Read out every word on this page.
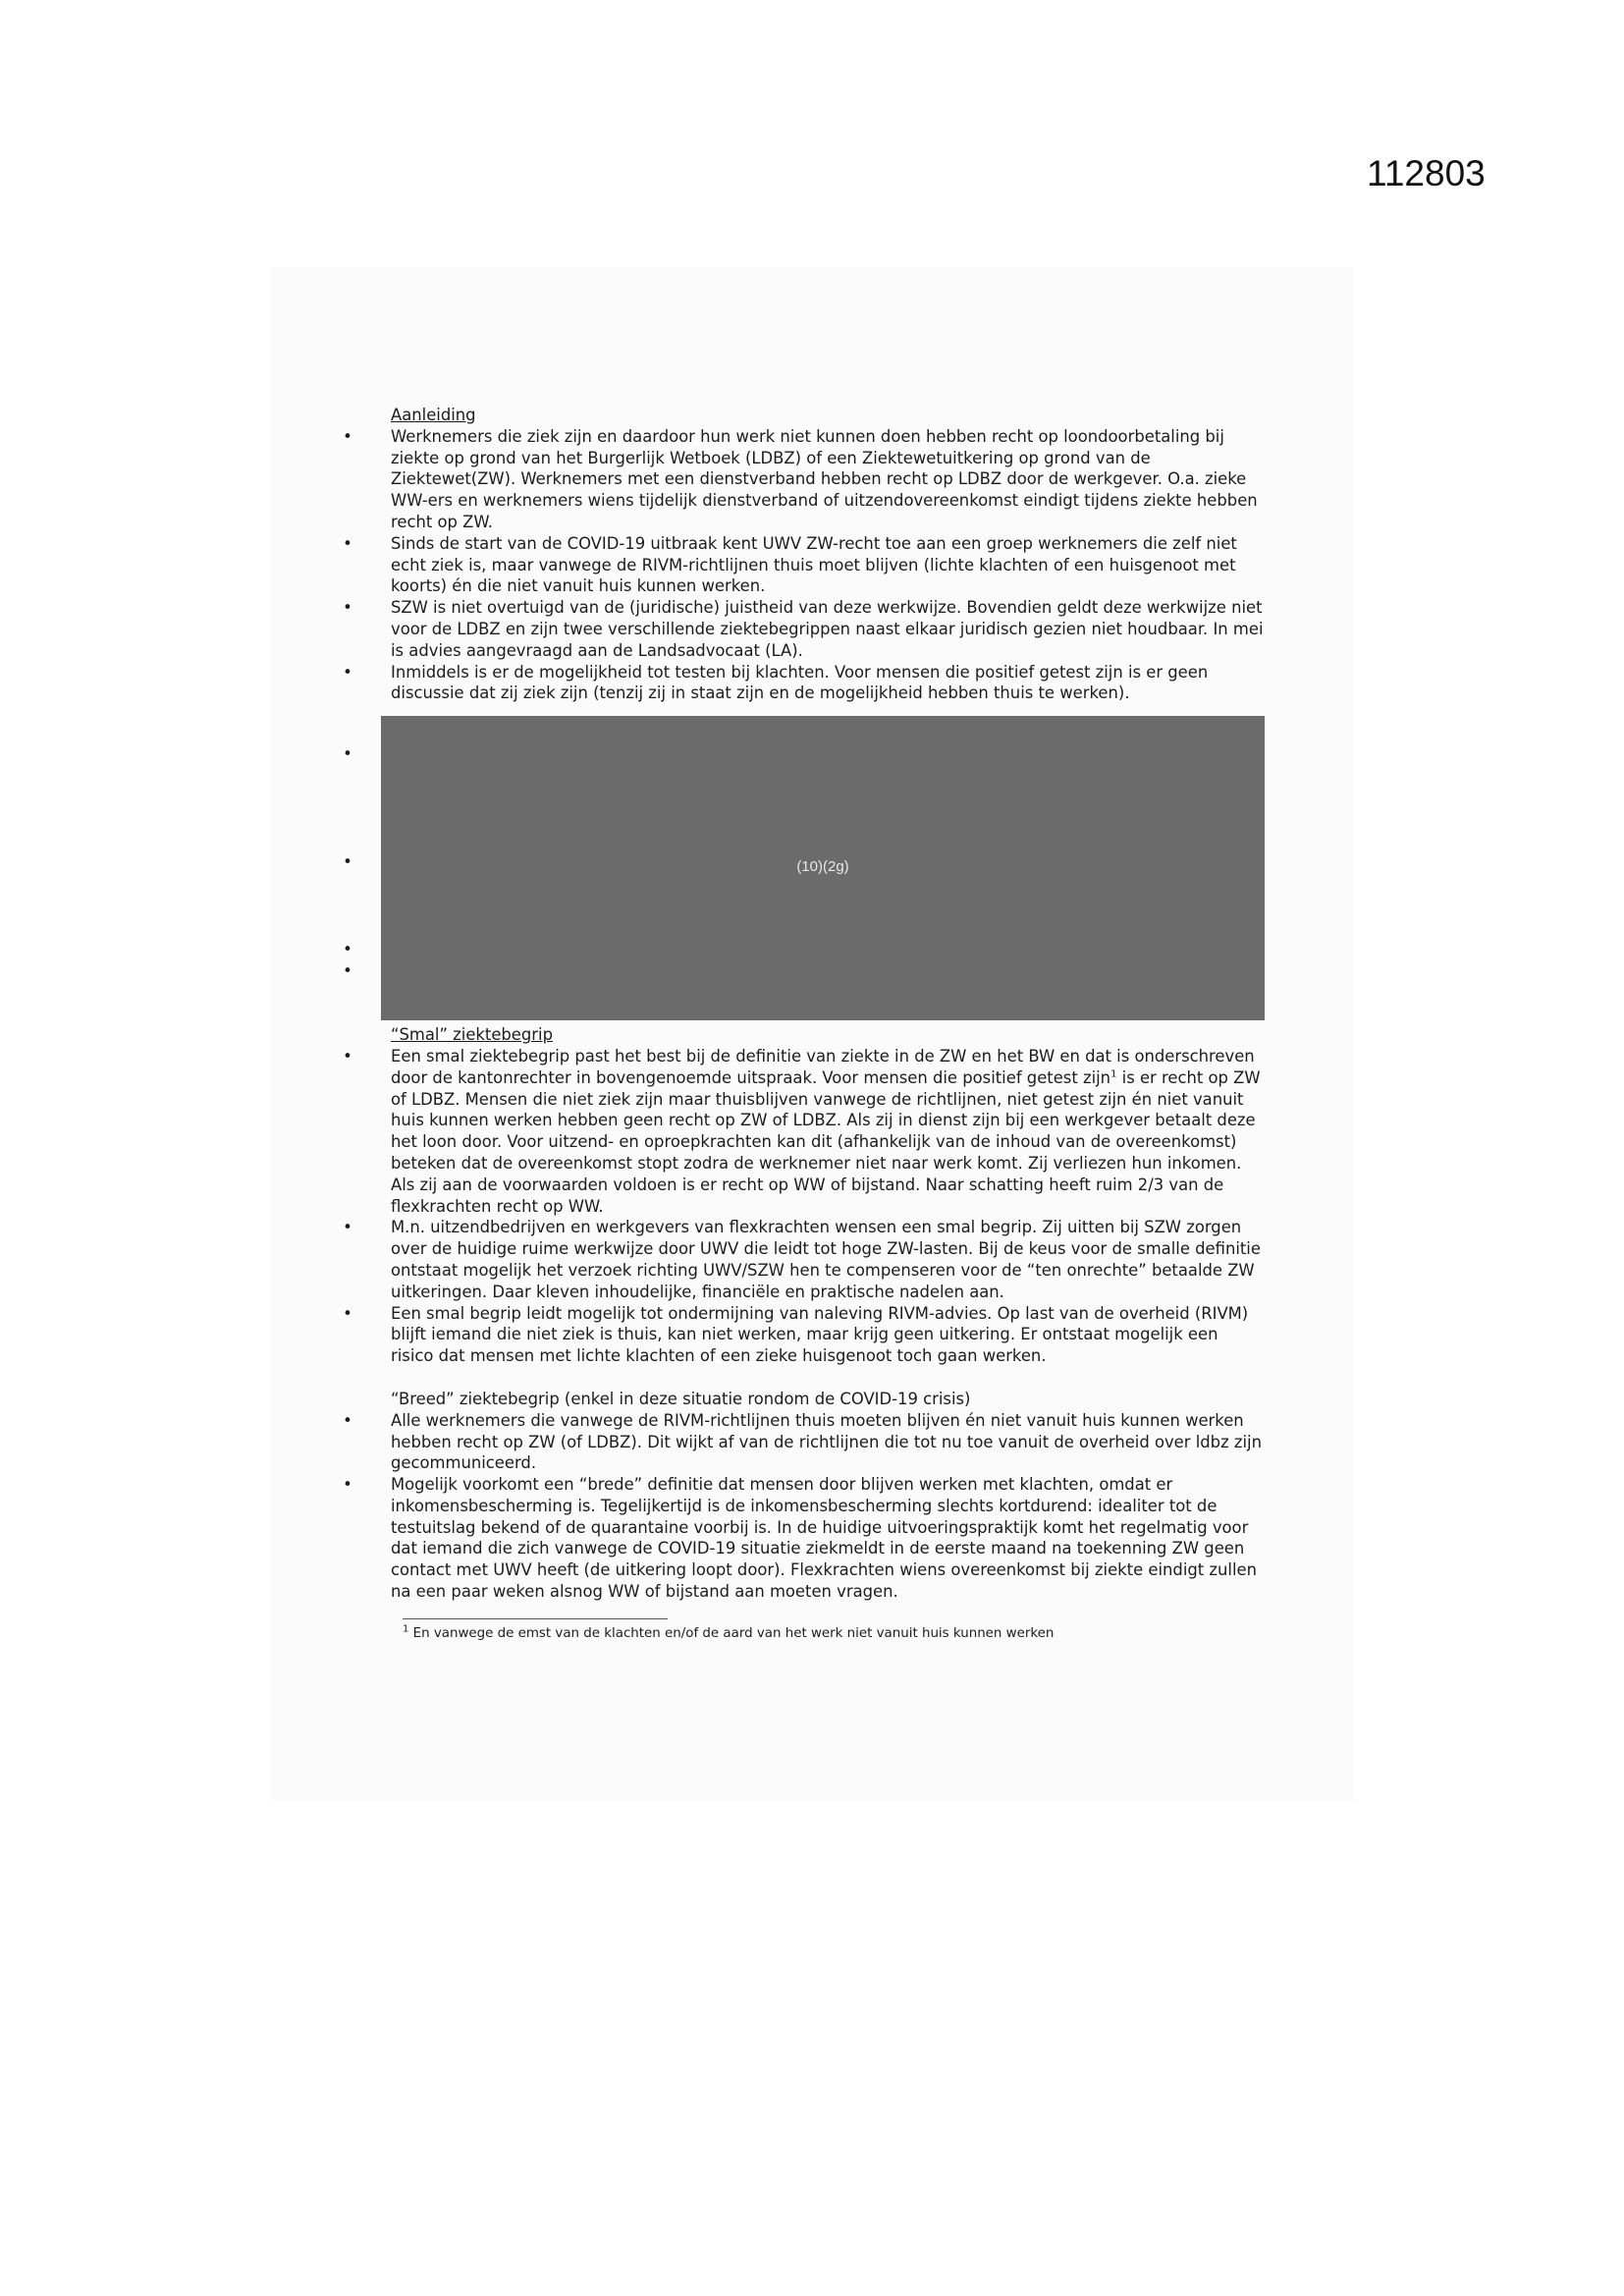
112803
Aanleiding
• Werknemers die ziek zijn en daardoor hun werk niet kunnen doen hebben recht op loondoorbetaling bij ziekte op grond van het Burgerlijk Wetboek (LDBZ) of een Ziektewetuitkering op grond van de Ziektewet(ZW). Werknemers met een dienstverband hebben recht op LDBZ door de werkgever. O.a. zieke WW-ers en werknemers wiens tijdelijk dienstverband of uitzendovereenkomst eindigt tijdens ziekte hebben recht op ZW.
• Sinds de start van de COVID-19 uitbraak kent UWV ZW-recht toe aan een groep werknemers die zelf niet echt ziek is, maar vanwege de RIVM-richtlijnen thuis moet blijven (lichte klachten of een huisgenoot met koorts) én die niet vanuit huis kunnen werken.
• SZW is niet overtuigd van de (juridische) juistheid van deze werkwijze. Bovendien geldt deze werkwijze niet voor de LDBZ en zijn twee verschillende ziektebegrippen naast elkaar juridisch gezien niet houdbaar. In mei is advies aangevraagd aan de Landsadvocaat (LA).
• Inmiddels is er de mogelijkheid tot testen bij klachten. Voor mensen die positief getest zijn is er geen discussie dat zij ziek zijn (tenzij zij in staat zijn en de mogelijkheid hebben thuis te werken).
•
•
•
•
(10)(2g)
“Smal” ziektebegrip
• Een smal ziektebegrip past het best bij de definitie van ziekte in de ZW en het BW en dat is onderschreven door de kantonrechter in bovengenoemde uitspraak. Voor mensen die positief getest zijn$^1$ is er recht op ZW of LDBZ. Mensen die niet ziek zijn maar thuisblijven vanwege de richtlijnen, niet getest zijn én niet vanuit huis kunnen werken hebben geen recht op ZW of LDBZ. Als zij in dienst zijn bij een werkgever betaalt deze het loon door. Voor uitzend- en oproepkrachten kan dit (afhankelijk van de inhoud van de overeenkomst) beteken dat de overeenkomst stopt zodra de werknemer niet naar werk komt. Zij verliezen hun inkomen. Als zij aan de voorwaarden voldoen is er recht op WW of bijstand. Naar schatting heeft ruim 2/3 van de flexkrachten recht op WW.
• M.n. uitzendbedrijven en werkgevers van flexkrachten wensen een smal begrip. Zij uitten bij SZW zorgen over de huidige ruime werkwijze door UWV die leidt tot hoge ZW-lasten. Bij de keus voor de smalle definitie ontstaat mogelijk het verzoek richting UWV/SZW hen te compenseren voor de “ten onrechte” betaalde ZW uitkeringen. Daar kleven inhoudelijke, financiële en praktische nadelen aan.
• Een smal begrip leidt mogelijk tot ondermijning van naleving RIVM-advies. Op last van de overheid (RIVM) blijft iemand die niet ziek is thuis, kan niet werken, maar krijg geen uitkering. Er ontstaat mogelijk een risico dat mensen met lichte klachten of een zieke huisgenoot toch gaan werken.
“Breed” ziektebegrip (enkel in deze situatie rondom de COVID-19 crisis)
• Alle werknemers die vanwege de RIVM-richtlijnen thuis moeten blijven én niet vanuit huis kunnen werken hebben recht op ZW (of LDBZ). Dit wijkt af van de richtlijnen die tot nu toe vanuit de overheid over ldbz zijn gecommuniceerd.
• Mogelijk voorkomt een “brede” definitie dat mensen door blijven werken met klachten, omdat er inkomensbescherming is. Tegelijkertijd is de inkomensbescherming slechts kortdurend: idealiter tot de testuitslag bekend of de quarantaine voorbij is. In de huidige uitvoeringspraktijk komt het regelmatig voor dat iemand die zich vanwege de COVID-19 situatie ziekmeldt in de eerste maand na toekenning ZW geen contact met UWV heeft (de uitkering loopt door). Flexkrachten wiens overeenkomst bij ziekte eindigt zullen na een paar weken alsnog WW of bijstand aan moeten vragen.
$^1$ En vanwege de emst van de klachten en/of de aard van het werk niet vanuit huis kunnen werken
